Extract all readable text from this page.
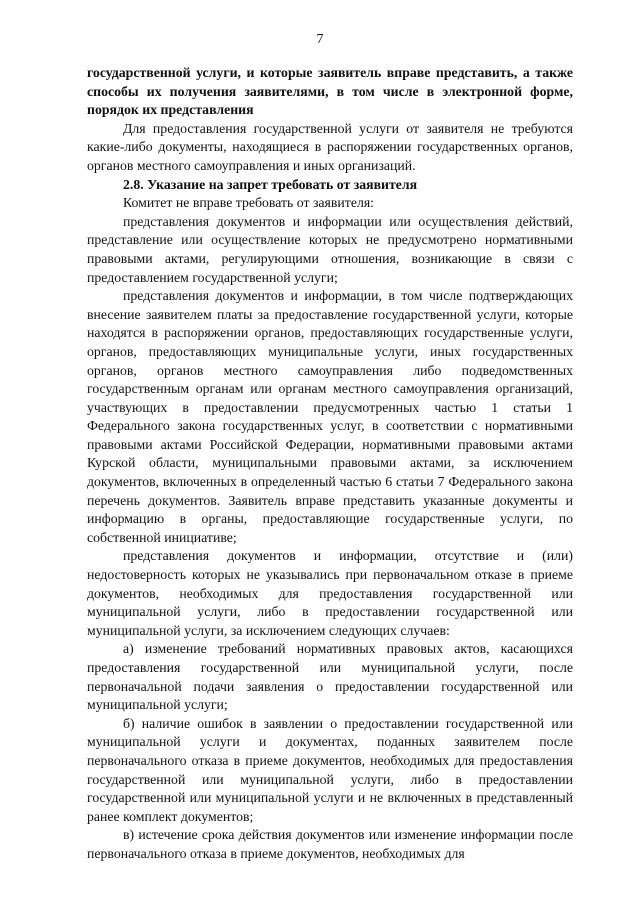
7

государственной услуги, и которые заявитель вправе представить, а также способы их получения заявителями, в том числе в электронной форме, порядок их представления

Для предоставления государственной услуги от заявителя не требуются какие-либо документы, находящиеся в распоряжении государственных органов, органов местного самоуправления и иных организаций.

2.8. Указание на запрет требовать от заявителя

Комитет не вправе требовать от заявителя:

представления документов и информации или осуществления действий, представление или осуществление которых не предусмотрено нормативными правовыми актами, регулирующими отношения, возникающие в связи с предоставлением государственной услуги;

представления документов и информации, в том числе подтверждающих внесение заявителем платы за предоставление государственной услуги, которые находятся в распоряжении органов, предоставляющих государственные услуги, органов, предоставляющих муниципальные услуги, иных государственных органов, органов местного самоуправления либо подведомственных государственным органам или органам местного самоуправления организаций, участвующих в предоставлении предусмотренных частью 1 статьи 1 Федерального закона государственных услуг, в соответствии с нормативными правовыми актами Российской Федерации, нормативными правовыми актами Курской области, муниципальными правовыми актами, за исключением документов, включенных в определенный частью 6 статьи 7 Федерального закона перечень документов. Заявитель вправе представить указанные документы и информацию в органы, предоставляющие государственные услуги, по собственной инициативе;

представления документов и информации, отсутствие и (или) недостоверность которых не указывались при первоначальном отказе в приеме документов, необходимых для предоставления государственной или муниципальной услуги, либо в предоставлении государственной или муниципальной услуги, за исключением следующих случаев:

а) изменение требований нормативных правовых актов, касающихся предоставления государственной или муниципальной услуги, после первоначальной подачи заявления о предоставлении государственной или муниципальной услуги;

б) наличие ошибок в заявлении о предоставлении государственной или муниципальной услуги и документах, поданных заявителем после первоначального отказа в приеме документов, необходимых для предоставления государственной или муниципальной услуги, либо в предоставлении государственной или муниципальной услуги и не включенных в представленный ранее комплект документов;

в) истечение срока действия документов или изменение информации после первоначального отказа в приеме документов, необходимых для
